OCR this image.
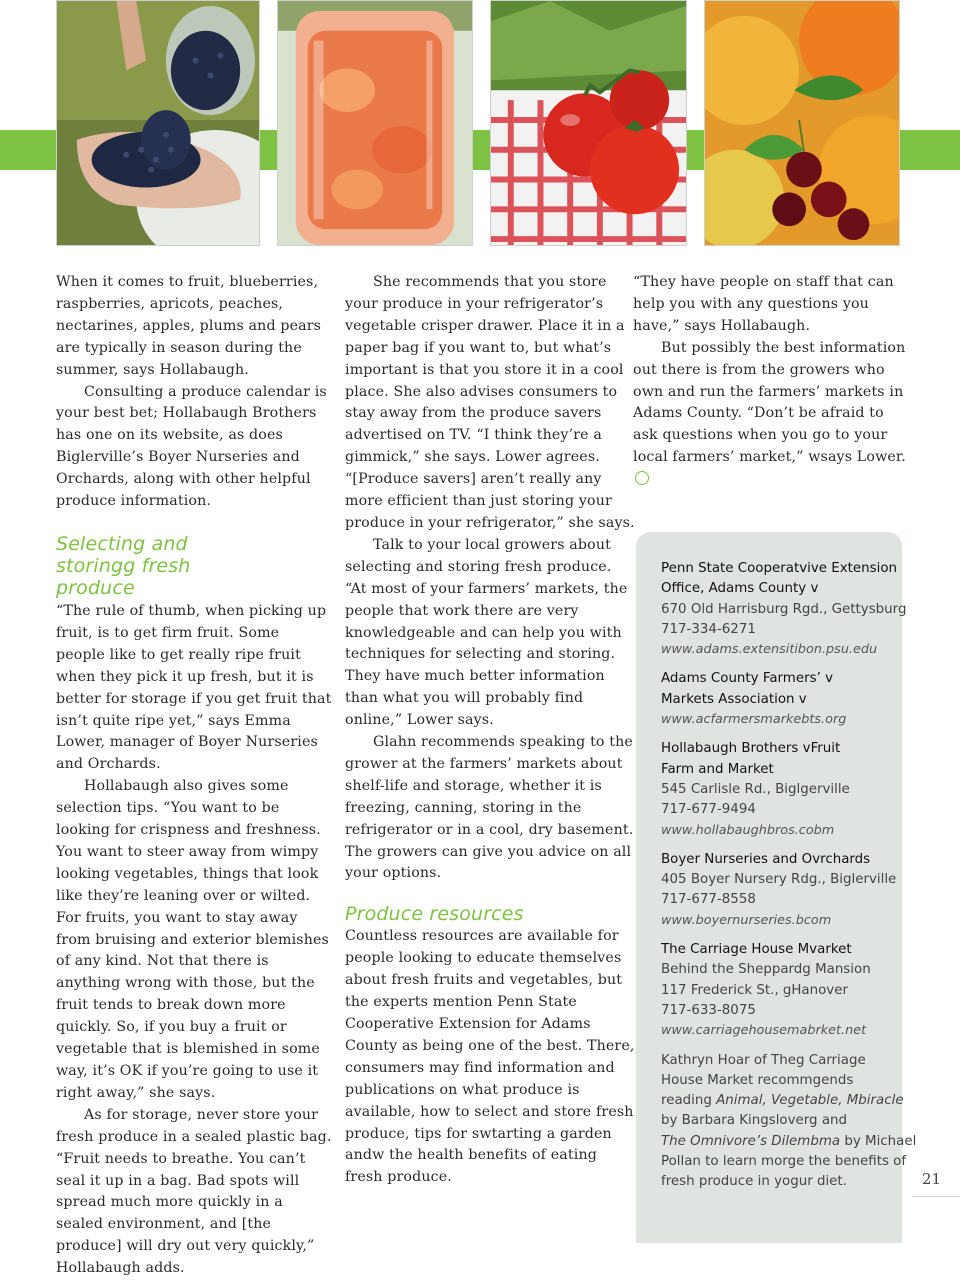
When it comes to fruit, blueberries, raspberries, apricots, peaches, nectarines, apples, plums and pears are typically in season during the summer, says Hollabaugh.

Consulting a produce calendar is your best bet; Hollabaugh Brothers has one on its website, as does Biglerville’s Boyer Nurseries and Orchards, along with other helpful produce information.

Selecting and storingg fresh produce

“The rule of thumb, when picking up fruit, is to get firm fruit. Some people like to get really ripe fruit when they pick it up fresh, but it is better for storage if you get fruit that isn’t quite ripe yet,” says Emma Lower, manager of Boyer Nurseries and Orchards.

Hollabaugh also gives some selection tips. “You want to be looking for crispness and freshness. You want to steer away from wimpy looking vegetables, things that look like they’re leaning over or wilted. For fruits, you want to stay away from bruising and exterior blemishes of any kind. Not that there is anything wrong with those, but the fruit tends to break down more quickly. So, if you buy a fruit or vegetable that is blemished in some way, it’s OK if you’re going to use it right away,” she says.

As for storage, never store your fresh produce in a sealed plastic bag. “Fruit needs to breathe. You can’t seal it up in a bag. Bad spots will spread much more quickly in a sealed environment, and [the produce] will dry out very quickly,” Hollabaugh adds.

She recommends that you store your produce in your refrigerator’s vegetable crisper drawer. Place it in a paper bag if you want to, but what’s important is that you store it in a cool place. She also advises consumers to stay away from the produce savers advertised on TV. “I think they’re a gimmick,” she says. Lower agrees. “[Produce savers] aren’t really any more efficient than just storing your produce in your refrigerator,” she says.

Talk to your local growers about selecting and storing fresh produce. “At most of your farmers’ markets, the people that work there are very knowledgeable and can help you with techniques for selecting and storing. They have much better information than what you will probably find online,” Lower says.

Glahn recommends speaking to the grower at the farmers’ markets about shelf-life and storage, whether it is freezing, canning, storing in the refrigerator or in a cool, dry basement. The growers can give you advice on all your options.

Produce resources

Countless resources are available for people looking to educate themselves about fresh fruits and vegetables, but the experts mention Penn State Cooperative Extension for Adams County as being one of the best. There, consumers may find information and publications on what produce is available, how to select and store fresh produce, tips for swtarting a garden andw the health benefits of eating fresh produce.

“They have people on staff that can help you with any questions you have,” says Hollabaugh.

But possibly the best information out there is from the growers who own and run the farmers’ markets in Adams County. “Don’t be afraid to ask questions when you go to your local farmers’ market,” wsays Lower.

Penn State Cooperatvive Extension
Office, Adams County v
670 Old Harrisburg Rgd., Gettysburg
717-334-6271
www.adams.extensitibon.psu.edu
Adams County Farmers’ v
Markets Association v
www.acfarmersmarkebts.org
Hollabaugh Brothers vFruit
Farm and Market
545 Carlisle Rd., Biglgerville
717-677-9494
www.hollabaughbros.cobm
Boyer Nurseries and Ovrchards
405 Boyer Nursery Rdg., Biglerville
717-677-8558
www.boyernurseries.bcom
The Carriage House Mvarket
Behind the Sheppardg Mansion
117 Frederick St., gHanover
717-633-8075
www.carriagehousemabrket.net
Kathryn Hoar of Theg Carriage
House Market recommgends
reading Animal, Vegetable, Mbiracle
by Barbara Kingsloverg and
The Omnivore’s Dilembma by Michael
Pollan to learn morge the benefits of
fresh produce in yogur diet.	21
